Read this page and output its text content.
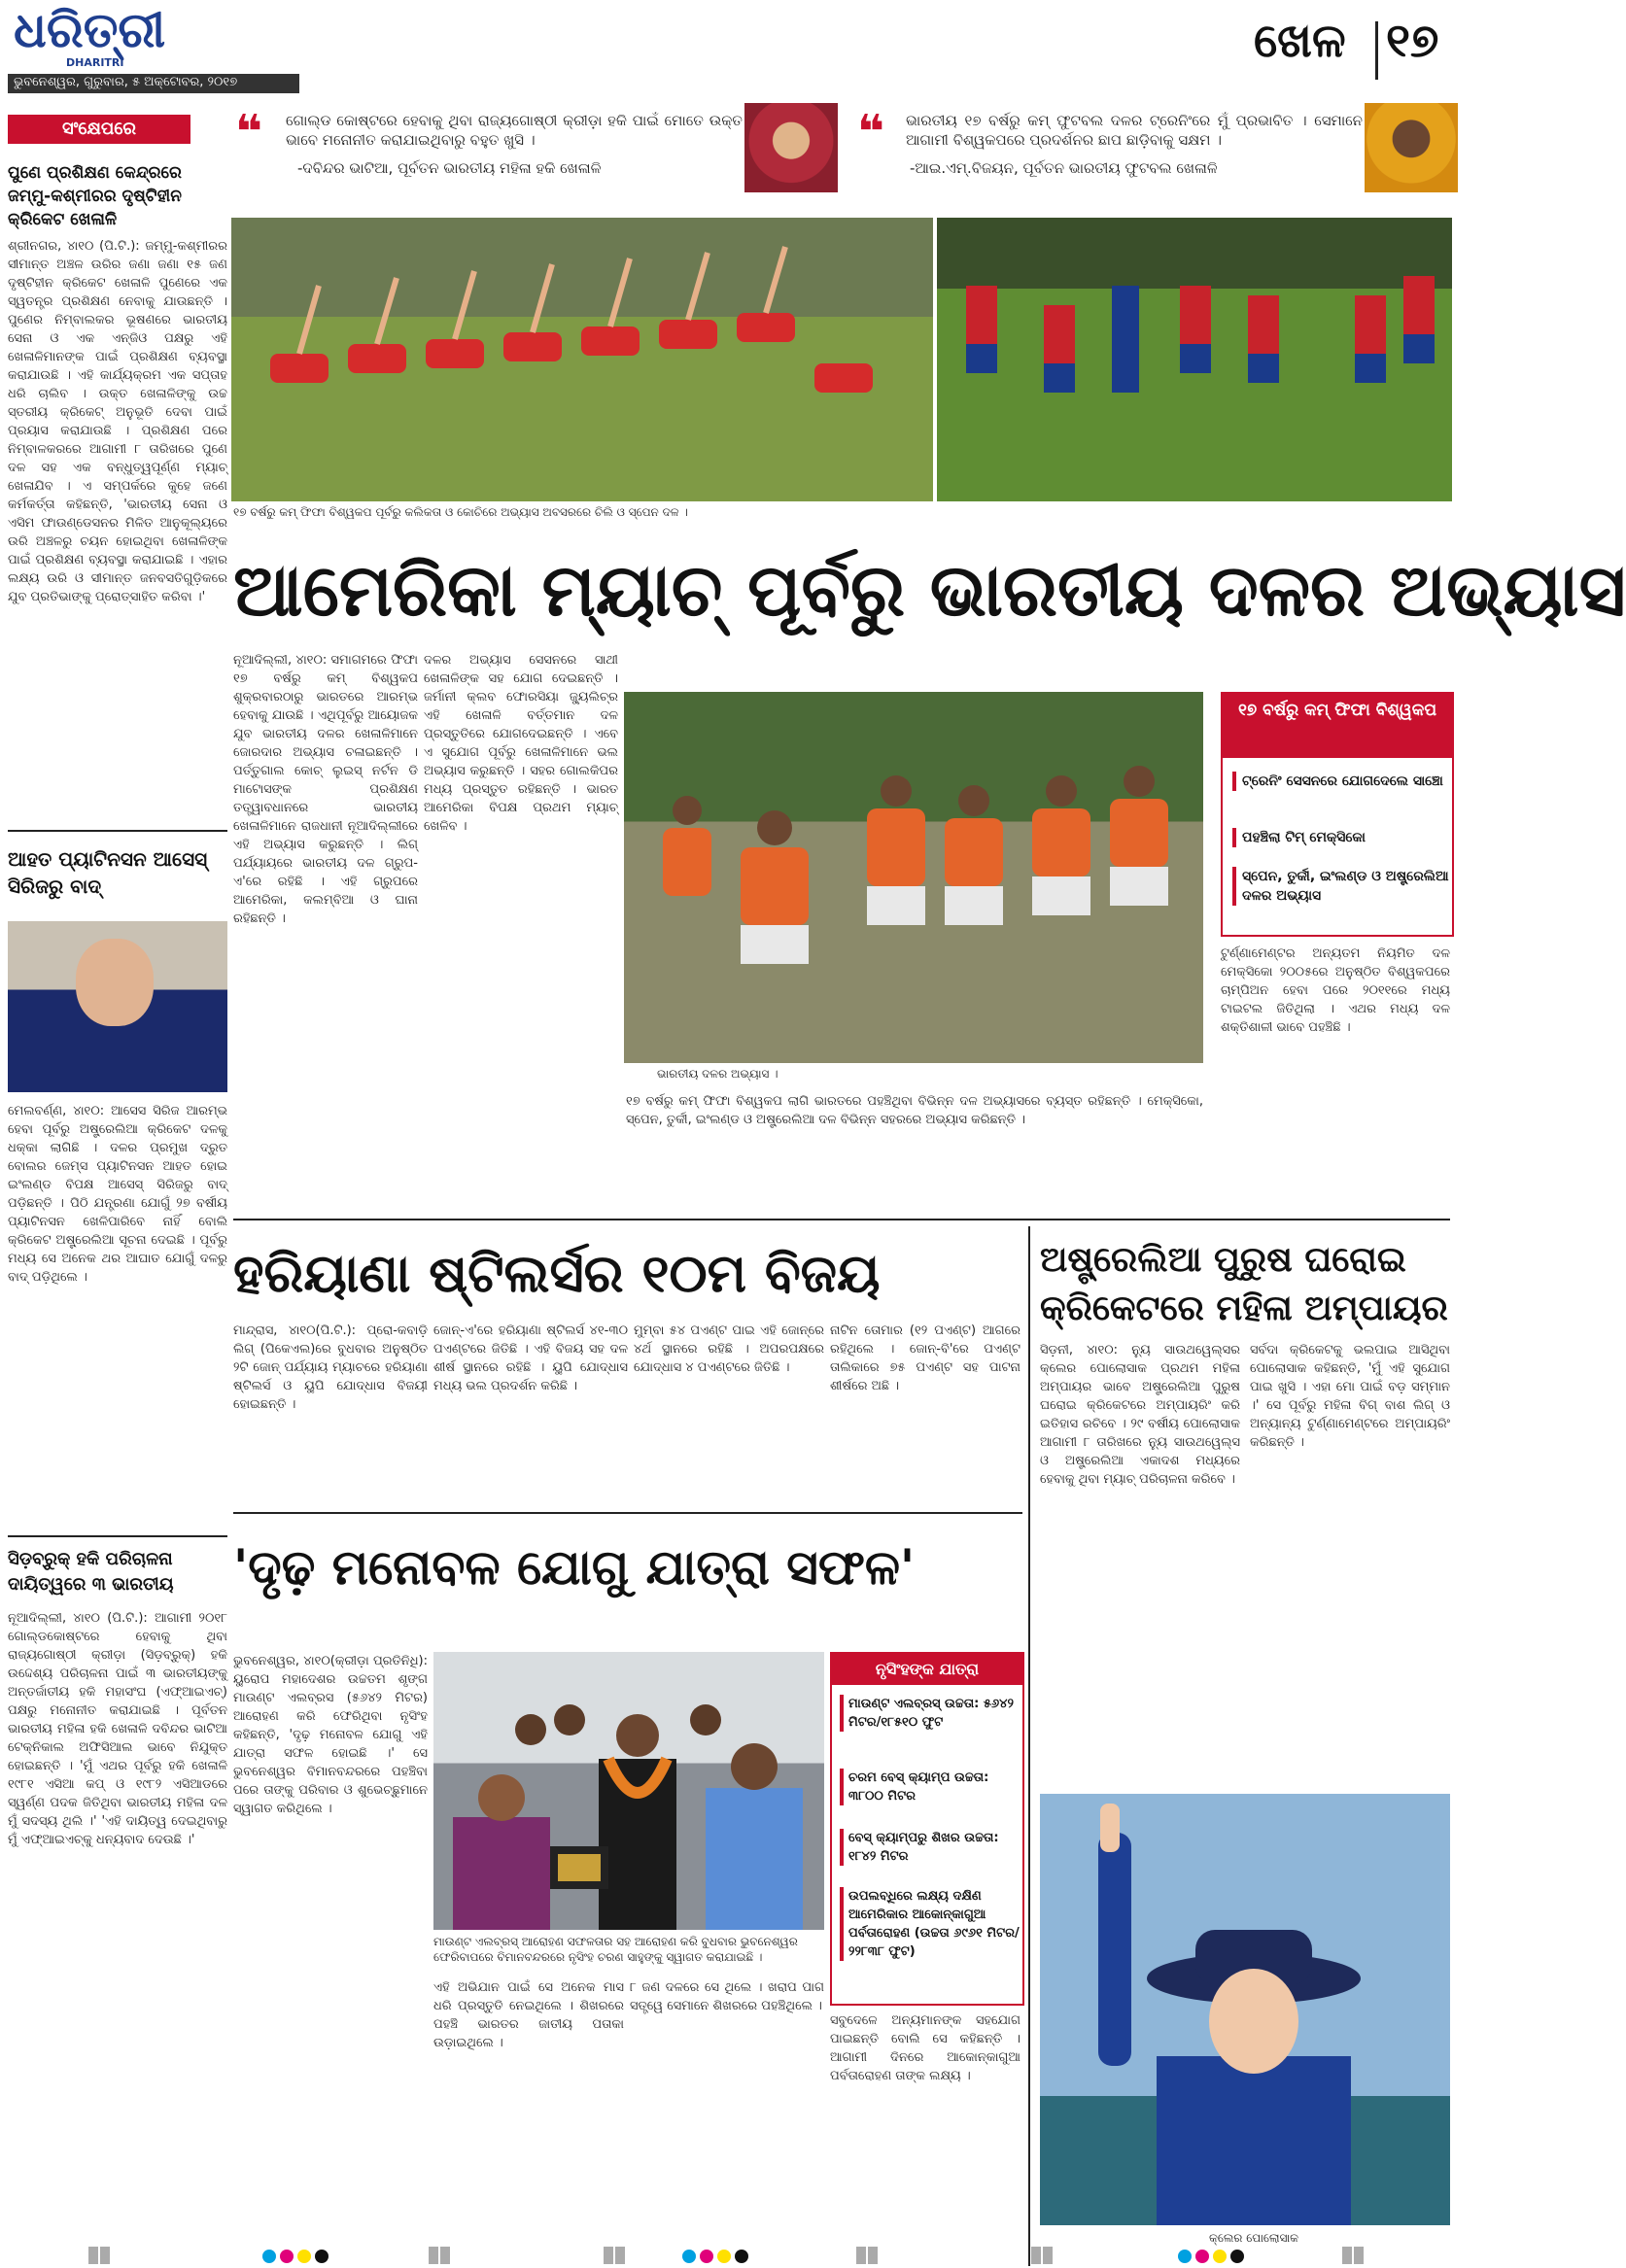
ଧରିତ୍ରୀ
DHARITRI
ଭୁବନେଶ୍ୱର, ଗୁରୁବାର, ୫ ଅକ୍ଟୋବର, ୨୦୧୭
ଖେଳ ୧୭
❝ ଗୋଲ୍ଡ କୋଷ୍ଟରେ ହେବାକୁ ଥିବା ରାଜ୍ୟଗୋଷ୍ଠୀ କ୍ରୀଡ଼ା ହକି ପାଇଁ ମୋତେ ଉକ୍ତ ଭାବେ ମନୋନୀତ କରାଯାଇଥିବାରୁ ବହୁତ ଖୁସି ।
-ଦବିନ୍ଦର ଭାଟିଆ, ପୂର୍ବତନ ଭାରତୀୟ ମହିଳା ହକି ଖେଳାଳି
❝ ଭାରତୀୟ ୧୭ ବର୍ଷରୁ କମ୍ ଫୁଟବଲ ଦଳର ଟ୍ରେନିଂରେ ମୁଁ ପ୍ରଭାବିତ । ସେମାନେ ଆଗାମୀ ବିଶ୍ୱକପରେ ପ୍ରଦର୍ଶନର ଛାପ ଛାଡ଼ିବାକୁ ସକ୍ଷମ ।
-ଆଇ.ଏମ୍.ବିଜୟନ, ପୂର୍ବତନ ଭାରତୀୟ ଫୁଟବଲ ଖେଳାଳି
ସଂକ୍ଷେପରେ
ପୁଣେ ପ୍ରଶିକ୍ଷଣ କେନ୍ଦ୍ରରେ ଜମ୍ମୁ-କଶ୍ମୀରର ଦୃଷ୍ଟିହୀନ କ୍ରିକେଟ ଖେଳାଳି
ଶ୍ରୀନଗର, ୪ା୧୦ (ପି.ଟି.): ଜମ୍ମୁ-କଶ୍ମୀରର ସୀମାନ୍ତ ଅଞ୍ଚଳ ଉରିର ଜଣା ଜଣା ୧୫ ଜଣ ଦୃଷ୍ଟିହୀନ କ୍ରିକେଟ ଖେଳାଳି ପୁଣେରେ ଏକ ସ୍ୱତନ୍ତ୍ର ପ୍ରଶିକ୍ଷଣ ନେବାକୁ ଯାଉଛନ୍ତି । ପୁଣେର ନିମ୍ବାଲକର ଭୂଷଣରେ ଭାରତୀୟ ସେନା ଓ ଏକ ଏନ୍‌ଜିଓ ପକ୍ଷରୁ ଏହି ଖେଳାଳିମାନଙ୍କ ପାଇଁ ପ୍ରଶିକ୍ଷଣ ବ୍ୟବସ୍ଥା କରାଯାଉଛି । ଏହି କାର୍ଯ୍ୟକ୍ରମ ଏକ ସପ୍ତାହ ଧରି ଚାଲିବ । ଉକ୍ତ ଖେଳାଳିଙ୍କୁ ଉଚ୍ଚ ସ୍ତରୀୟ କ୍ରିକେଟ୍ ଅନୁଭୂତି ଦେବା ପାଇଁ ପ୍ରୟାସ କରାଯାଉଛି । ପ୍ରଶିକ୍ଷଣ ପରେ ନିମ୍ବାଳକରରେ ଆଗାମୀ ୮ ତାରିଖରେ ପୁଣେ ଦଳ ସହ ଏକ ବନ୍ଧୁତ୍ୱପୂର୍ଣ୍ଣ ମ୍ୟାଚ୍ ଖେଳାଯିବ । ଏ ସମ୍ପର୍କରେ କୁହେ ଜଣେ କର୍ମକର୍ତ୍ତା କହିଛନ୍ତି, 'ଭାରତୀୟ ସେନା ଓ ଏସିମ ଫାଉଣ୍ଡେସନର ମିଳିତ ଆନୁକୂଲ୍ୟରେ ଉରି ଅଞ୍ଚଳରୁ ଚୟନ ହୋଇଥିବା ଖେଳାଳିଙ୍କ ପାଇଁ ପ୍ରଶିକ୍ଷଣ ବ୍ୟବସ୍ଥା କରାଯାଇଛି । ଏହାର ଲକ୍ଷ୍ୟ ଉରି ଓ ସୀମାନ୍ତ ଜନବସତିଗୁଡ଼ିକରେ ଯୁବ ପ୍ରତିଭାଙ୍କୁ ପ୍ରୋତ୍ସାହିତ କରିବା ।'
ଆହତ ପ୍ୟାଟିନସନ ଆସେସ୍ ସିରିଜରୁ ବାଦ୍
ମେଲବର୍ଣ୍ଣ, ୪ା୧୦: ଆସେସ ସିରିଜ ଆରମ୍ଭ ହେବା ପୂର୍ବରୁ ଅଷ୍ଟ୍ରେଲିଆ କ୍ରିକେଟ ଦଳକୁ ଧକ୍କା ଲାଗିଛି । ଦଳର ପ୍ରମୁଖ ଦ୍ରୁତ ବୋଲର ଜେମ୍ସ ପ୍ୟାଟିନସନ ଆହତ ହୋଇ ଇଂଲଣ୍ଡ ବିପକ୍ଷ ଆସେସ୍ ସିରିଜରୁ ବାଦ୍ ପଡ଼ିଛନ୍ତି । ପିଠି ଯନ୍ତ୍ରଣା ଯୋଗୁଁ ୨୭ ବର୍ଷୀୟ ପ୍ୟାଟିନସନ ଖେଳିପାରିବେ ନାହିଁ ବୋଲି କ୍ରିକେଟ ଅଷ୍ଟ୍ରେଲିଆ ସୂଚନା ଦେଇଛି । ପୂର୍ବରୁ ମଧ୍ୟ ସେ ଅନେକ ଥର ଆଘାତ ଯୋଗୁଁ ଦଳରୁ ବାଦ୍ ପଡ଼ିଥିଲେ ।
ସିଡ଼ବ୍ରୁକ୍ ହକି ପରିଚାଳନା ଦାୟିତ୍ୱରେ ୩ ଭାରତୀୟ
ନୂଆଦିଲ୍ଲୀ, ୪ା୧୦ (ପି.ଟି.): ଆଗାମୀ ୨୦୧୮ ଗୋଲ୍ଡକୋଷ୍ଟରେ ହେବାକୁ ଥିବା ରାଜ୍ୟଗୋଷ୍ଠୀ କ୍ରୀଡ଼ା (ସିଡ଼ବ୍ରୁକ୍) ହକି ଉଦ୍ଦେଶ୍ୟ ପରିଚାଳନା ପାଇଁ ୩ ଭାରତୀୟଙ୍କୁ ଅନ୍ତର୍ଜାତୀୟ ହକି ମହାସଂଘ (ଏଫ୍‌ଆଇଏଚ୍) ପକ୍ଷରୁ ମନୋନୀତ କରାଯାଇଛି । ପୂର୍ବତନ ଭାରତୀୟ ମହିଳା ହକି ଖେଳାଳି ଦବିନ୍ଦର ଭାଟିଆ ଟେକ୍ନିକାଲ ଅଫିସିଆଲ ଭାବେ ନିଯୁକ୍ତ ହୋଇଛନ୍ତି । 'ମୁଁ ଏଥର ପୂର୍ବରୁ ହକି ଖେଳାଳି ୧୯୮୧ ଏସିଆ କପ୍ ଓ ୧୯୮୨ ଏସିଆଡରେ ସ୍ୱର୍ଣ୍ଣ ପଦକ ଜିତିଥିବା ଭାରତୀୟ ମହିଳା ଦଳ ମୁଁ ସଦସ୍ୟ ଥିଲି ।' 'ଏହି ଦାୟିତ୍ୱ ଦେଇଥିବାରୁ ମୁଁ ଏଫ୍‌ଆଇଏଚ୍‌କୁ ଧନ୍ୟବାଦ ଦେଉଛି ।'
୧୭ ବର୍ଷରୁ କମ୍ ଫିଫା ବିଶ୍ୱକପ ପୂର୍ବରୁ କଲିକତା ଓ କୋଚିରେ ଅଭ୍ୟାସ ଅବସରରେ ଚିଲି ଓ ସ୍ପେନ ଦଳ ।
ଆମେରିକା ମ୍ୟାଚ୍ ପୂର୍ବରୁ ଭାରତୀୟ ଦଳର ଅଭ୍ୟାସ
ନୂଆଦିଲ୍ଲୀ, ୪ା୧୦: ସମାଗମରେ ଫିଫା ୧୭ ବର୍ଷରୁ କମ୍ ବିଶ୍ୱକପ ଶୁକ୍ରବାରଠାରୁ ଭାରତରେ ଆରମ୍ଭ ହେବାକୁ ଯାଉଛି । ଏଥିପୂର୍ବରୁ ଆୟୋଜକ ଯୁବ ଭାରତୀୟ ଦଳର ଖେଳାଳିମାନେ ଜୋରଦାର ଅଭ୍ୟାସ ଚଳାଇଛନ୍ତି । ପର୍ତ୍ତୁଗାଲ କୋଚ୍ ଲୁଇସ୍ ନର୍ଟନ ଡି ମାଟୋସଙ୍କ ପ୍ରଶିକ୍ଷଣ ତତ୍ତ୍ୱାବଧାନରେ ଭାରତୀୟ ଖେଳାଳିମାନେ ରାଜଧାନୀ ନୂଆଦିଲ୍ଲୀରେ ଏହି ଅଭ୍ୟାସ କରୁଛନ୍ତି । ଲିଗ୍ ପର୍ଯ୍ୟାୟରେ ଭାରତୀୟ ଦଳ ଗ୍ରୁପ-ଏ'ରେ ରହିଛି । ଏହି ଗ୍ରୁପରେ ଆମେରିକା, କଲମ୍ବିଆ ଓ ଘାନା ରହିଛନ୍ତି ।
ଦଳର ଅଭ୍ୟାସ ସେସନରେ ସାଥୀ ଖେଳାଳିଙ୍କ ସହ ଯୋଗ ଦେଇଛନ୍ତି । ଜର୍ମାନୀ କ୍ଲବ ଫୋରସିୟା ଜ୍ୟୁଲିଚ୍‌ର ଏହି ଖେଳାଳି ବର୍ତ୍ତମାନ ଦଳ ପ୍ରସ୍ତୁତିରେ ଯୋଗଦେଇଛନ୍ତି । ଏବେ ଏ ସୁଯୋଗ ପୂର୍ବରୁ ଖେଳାଳିମାନେ ଭଲ ଅଭ୍ୟାସ କରୁଛନ୍ତି । ସହର ଗୋଲକିପର ମଧ୍ୟ ପ୍ରସ୍ତୁତ ରହିଛନ୍ତି । ଭାରତ ଆମେରିକା ବିପକ୍ଷ ପ୍ରଥମ ମ୍ୟାଚ୍ ଖେଳିବ ।
ଭାରତୀୟ ଦଳର ଅଭ୍ୟାସ ।
୧୭ ବର୍ଷରୁ କମ୍ ଫିଫା ବିଶ୍ୱକପ ଲାଗି ଭାରତରେ ପହଞ୍ଚିଥିବା ବିଭିନ୍ନ ଦଳ ଅଭ୍ୟାସରେ ବ୍ୟସ୍ତ ରହିଛନ୍ତି । ମେକ୍ସିକୋ, ସ୍ପେନ, ତୁର୍କୀ, ଇଂଲଣ୍ଡ ଓ ଅଷ୍ଟ୍ରେଲିଆ ଦଳ ବିଭିନ୍ନ ସହରରେ ଅଭ୍ୟାସ କରିଛନ୍ତି ।
୧୭ ବର୍ଷରୁ କମ୍ ଫିଫା ବିଶ୍ୱକପ
ଟ୍ରେନିଂ ସେସନରେ ଯୋଗଦେଲେ ସାଞ୍ଚୋ
ପହଞ୍ଚିଲା ଟିମ୍ ମେକ୍ସିକୋ
ସ୍ପେନ, ତୁର୍କୀ, ଇଂଲଣ୍ଡ ଓ ଅଷ୍ଟ୍ରେଲିଆ ଦଳର ଅଭ୍ୟାସ
ଟୁର୍ଣ୍ଣାମେଣ୍ଟର ଅନ୍ୟତମ ନିୟମିତ ଦଳ ମେକ୍ସିକୋ ୨୦୦୫ରେ ଅନୁଷ୍ଠିତ ବିଶ୍ୱକପରେ ଚାମ୍ପିଅନ ହେବା ପରେ ୨୦୧୧ରେ ମଧ୍ୟ ଟାଇଟଲ ଜିତିଥିଲା । ଏଥର ମଧ୍ୟ ଦଳ ଶକ୍ତିଶାଳୀ ଭାବେ ପହଞ୍ଚିଛି ।
ହରିୟାଣା ଷ୍ଟିଲର୍ସର ୧୦ମ ବିଜୟ
ମାନ୍ଦ୍ରାସ, ୪ା୧୦(ପି.ଟି.): ପ୍ରୋ-କବାଡ଼ି ଲିଗ୍ (ପିକେଏଲ)ରେ ବୁଧବାର ଅନୁଷ୍ଠିତ ୨ଟି ଜୋନ୍ ପର୍ଯ୍ୟାୟ ମ୍ୟାଚରେ ହରିୟାଣା ଷ୍ଟିଲର୍ସ ଓ ୟୁପି ଯୋଦ୍ଧାସ ବିଜୟୀ ହୋଇଛନ୍ତି ।
ଜୋନ୍-ଏ'ରେ ହରିୟାଣା ଷ୍ଟିଲର୍ସ ୪୧-୩୦ ପଏଣ୍ଟରେ ଜିତିଛି । ଏହି ବିଜୟ ସହ ଦଳ ଶୀର୍ଷ ସ୍ଥାନରେ ରହିଛି । ୟୁପି ଯୋଦ୍ଧାସ ମଧ୍ୟ ଭଲ ପ୍ରଦର୍ଶନ କରିଛି ।
ମୁମ୍ବା ୫୪ ପଏଣ୍ଟ ପାଇ ଏହି ଜୋନ୍‌ରେ ୪ର୍ଥ ସ୍ଥାନରେ ରହିଛି । ଅପରପକ୍ଷରେ ଯୋଦ୍ଧାସ ୪ ପଏଣ୍ଟରେ ଜିତିଛି ।
ନାଟିନ ତୋମାର (୧୨ ପଏଣ୍ଟ) ଆଗରେ ରହିଥିଲେ । ଜୋନ୍-ବି'ରେ ପଏଣ୍ଟ ତାଲିକାରେ ୭୫ ପଏଣ୍ଟ ସହ ପାଟନା ଶୀର୍ଷରେ ଅଛି ।
ଅଷ୍ଟ୍ରେଲିଆ ପୁରୁଷ ଘରୋଇ କ୍ରିକେଟରେ ମହିଳା ଅମ୍ପାୟର
ସିଡ଼ନୀ, ୪ା୧୦: ନ୍ୟୁ ସାଉଥୱେଲ୍ସର କ୍ଲେର ପୋଲୋସାକ ପ୍ରଥମ ମହିଳା ଅମ୍ପାୟର ଭାବେ ଅଷ୍ଟ୍ରେଲିଆ ପୁରୁଷ ଘରୋଇ କ୍ରିକେଟରେ ଅମ୍ପାୟରିଂ କରି ଇତିହାସ ରଚିବେ । ୨୯ ବର୍ଷୀୟ ପୋଲୋସାକ ଆଗାମୀ ୮ ତାରିଖରେ ନ୍ୟୁ ସାଉଥୱେଲ୍ସ ଓ ଅଷ୍ଟ୍ରେଲିଆ ଏକାଦଶ ମଧ୍ୟରେ ହେବାକୁ ଥିବା ମ୍ୟାଚ୍ ପରିଚାଳନା କରିବେ ।
ସର୍ବଦା କ୍ରିକେଟକୁ ଭଲପାଇ ଆସିଥିବା ପୋଲୋସାକ କହିଛନ୍ତି, 'ମୁଁ ଏହି ସୁଯୋଗ ପାଇ ଖୁସି । ଏହା ମୋ ପାଇଁ ବଡ଼ ସମ୍ମାନ ।' ସେ ପୂର୍ବରୁ ମହିଳା ବିଗ୍ ବାଶ ଲିଗ୍ ଓ ଅନ୍ୟାନ୍ୟ ଟୁର୍ଣ୍ଣାମେଣ୍ଟରେ ଅମ୍ପାୟରିଂ କରିଛନ୍ତି ।
କ୍ଲେର ପୋଲୋସାକ
'ଦୃଢ଼ ମନୋବଳ ଯୋଗୁ ଯାତ୍ରା ସଫଳ'
ଭୁବନେଶ୍ୱର, ୪ା୧୦(କ୍ରୀଡ଼ା ପ୍ରତିନିଧି): ୟୁରୋପ ମହାଦେଶର ଉଚ୍ଚତମ ଶୃଙ୍ଗ ମାଉଣ୍ଟ ଏଲବ୍ରସ (୫୬୪୨ ମିଟର) ଆରୋହଣ କରି ଫେରିଥିବା ନୃସିଂହ କହିଛନ୍ତି, 'ଦୃଢ଼ ମନୋବଳ ଯୋଗୁ ଏହି ଯାତ୍ରା ସଫଳ ହୋଇଛି ।' ସେ ଭୁବନେଶ୍ୱର ବିମାନବନ୍ଦରରେ ପହଞ୍ଚିବା ପରେ ତାଙ୍କୁ ପରିବାର ଓ ଶୁଭେଚ୍ଛୁମାନେ ସ୍ୱାଗତ କରିଥିଲେ ।
ମାଉଣ୍ଟ ଏଲବ୍ରସ୍ ଆରୋହଣ ସଫଳତାର ସହ ଆରୋହଣ କରି ବୁଧବାର ଭୁବନେଶ୍ୱର ଫେରିବାପରେ ବିମାନବନ୍ଦରରେ ନୃସିଂହ ଚରଣ ସାହୁଙ୍କୁ ସ୍ୱାଗତ କରାଯାଇଛି ।
ନୃସିଂହଙ୍କ ଯାତ୍ରା
ମାଉଣ୍ଟ ଏଲବ୍ରସ୍ ଉଚ୍ଚତା: ୫୬୪୨ ମିଟର/୧୮୫୧୦ ଫୁଟ
ଚରମ ବେସ୍ କ୍ୟାମ୍ପ ଉଚ୍ଚତା: ୩୮୦୦ ମିଟର
ବେସ୍ କ୍ୟାମ୍ପରୁ ଶିଖର ଉଚ୍ଚତା: ୧୮୪୨ ମିଟର
ଉପଲବ୍ଧିରେ ଲକ୍ଷ୍ୟ ଦକ୍ଷିଣ ଆମେରିକାର ଆକୋନ୍‌କାଗୁଆ ପର୍ବତାରୋହଣ (ଉଚ୍ଚତା ୬୯୬୧ ମିଟର/୨୨୮୩୮ ଫୁଟ)
ଏହି ଅଭିଯାନ ପାଇଁ ସେ ଅନେକ ମାସ ଧରି ପ୍ରସ୍ତୁତି ନେଇଥିଲେ । ଶିଖରରେ ପହଞ୍ଚି ଭାରତର ଜାତୀୟ ପତାକା ଉଡ଼ାଇଥିଲେ ।
୮ ଜଣ ଦଳରେ ସେ ଥିଲେ । ଖରାପ ପାଗ ସତ୍ତ୍ୱେ ସେମାନେ ଶିଖରରେ ପହଞ୍ଚିଥିଲେ ।
ସବୁଦେଳେ ଅନ୍ୟମାନଙ୍କ ସହଯୋଗ ପାଇଛନ୍ତି ବୋଲି ସେ କହିଛନ୍ତି । ଆଗାମୀ ଦିନରେ ଆକୋନ୍‌କାଗୁଆ ପର୍ବତାରୋହଣ ତାଙ୍କ ଲକ୍ଷ୍ୟ ।
